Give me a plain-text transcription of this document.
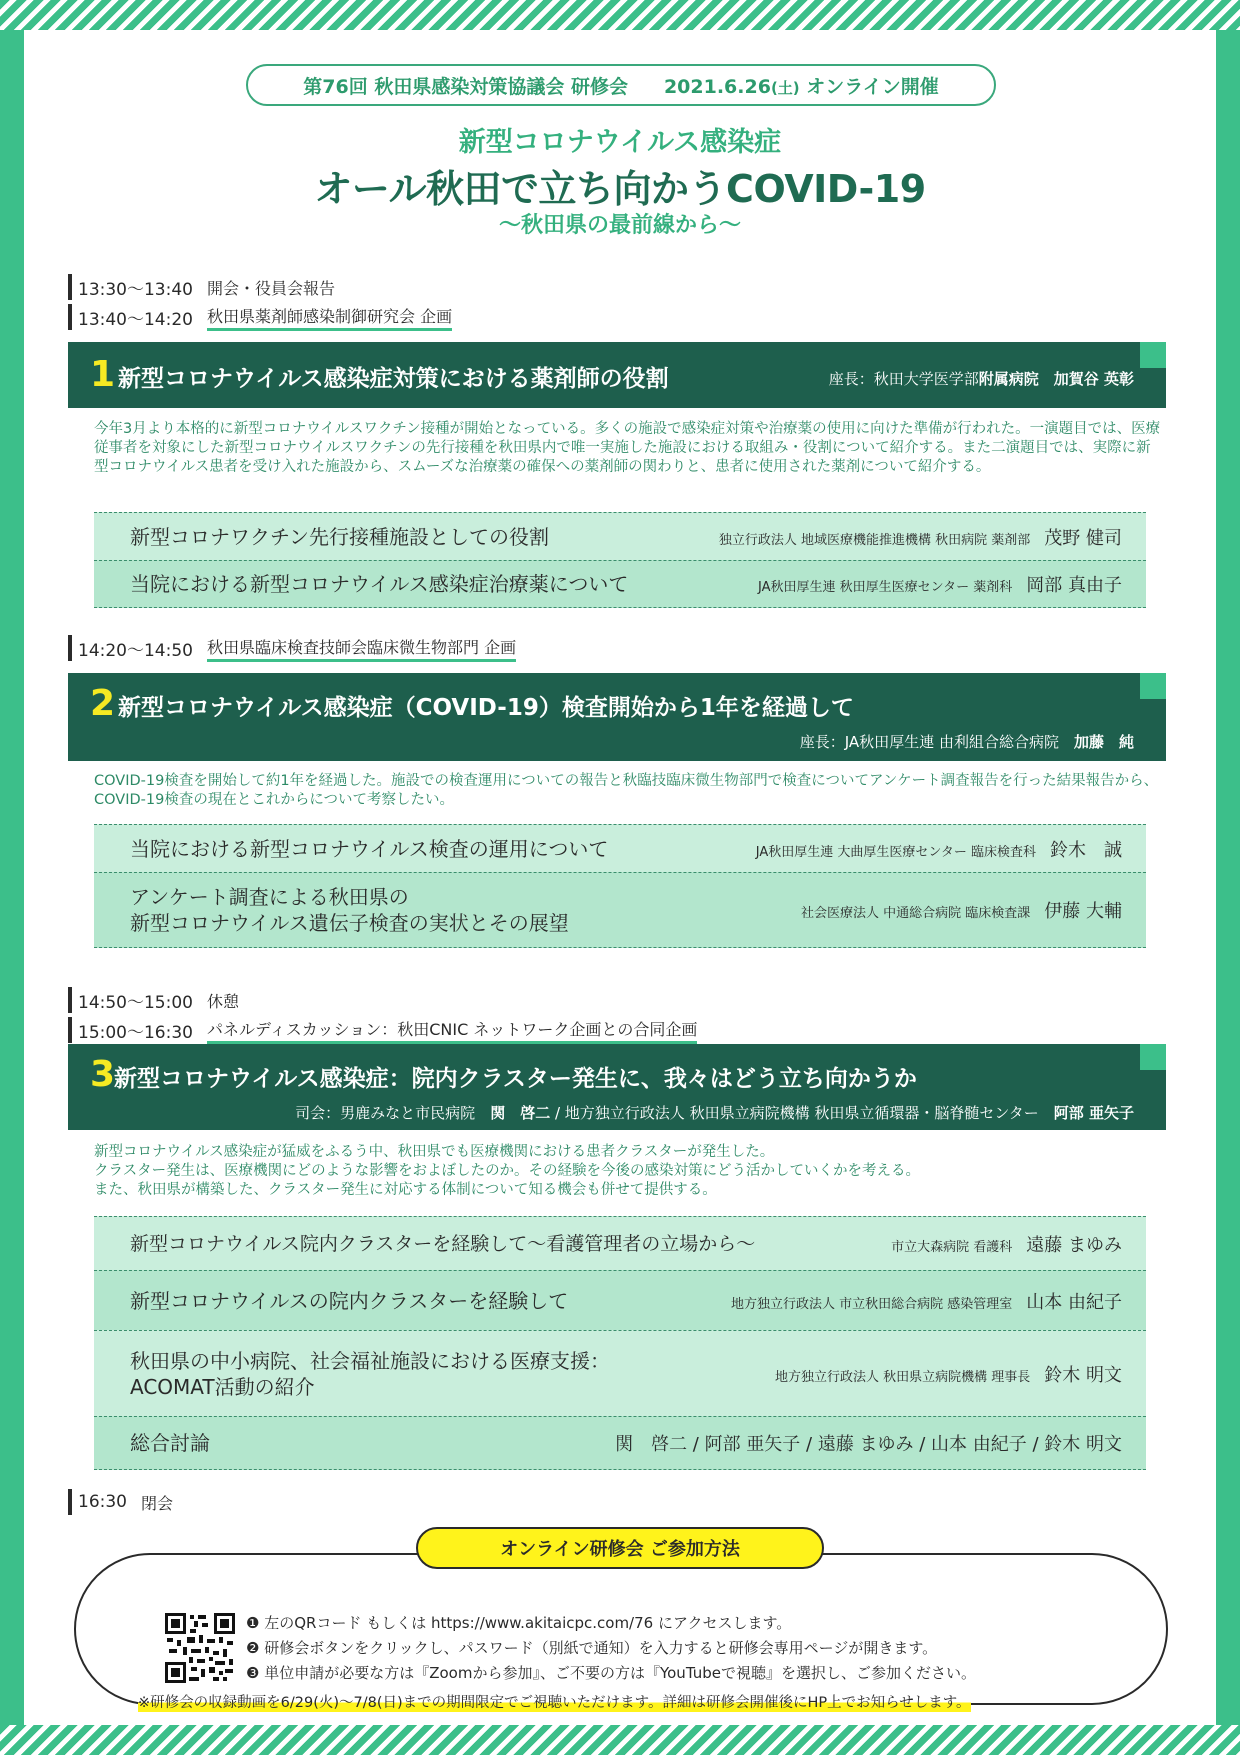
第76回 秋田県感染対策協議会 研修会 2021.6.26(土) オンライン開催
新型コロナウイルス感染症
オール秋田で立ち向かうCOVID-19
〜秋田県の最前線から〜
13:30〜13:40 開会・役員会報告
13:40〜14:20 秋田県薬剤師感染制御研究会 企画
1 新型コロナウイルス感染症対策における薬剤師の役割	座長：秋田大学医学部附属病院　 加賀谷 英彰
今年3月より本格的に新型コロナウイルスワクチン接種が開始となっている。多くの施設で感染症対策や治療薬の使用に向けた準備が行われた。一演題目では、医療従事者を対象にした新型コロナウイルスワクチンの先行接種を秋田県内で唯一実施した施設における取組み・役割について紹介する。また二演題目では、実際に新型コロナウイルス患者を受け入れた施設から、スムーズな治療薬の確保への薬剤師の関わりと、患者に使用された薬剤について紹介する。
新型コロナワクチン先行接種施設としての役割	独立行政法人 地域医療機能推進機構 秋田病院 薬剤部 茂野 健司
当院における新型コロナウイルス感染症治療薬について	JA秋田厚生連 秋田厚生医療センター 薬剤科 岡部 真由子
14:20〜14:50 秋田県臨床検査技師会臨床微生物部門 企画
2 新型コロナウイルス感染症（COVID-19）検査開始から1年を経過して
座長：JA秋田厚生連 由利組合総合病院　 加藤　純
COVID-19検査を開始して約1年を経過した。施設での検査運用についての報告と秋臨技臨床微生物部門で検査についてアンケート調査報告を行った結果報告から、COVID-19検査の現在とこれからについて考察したい。
当院における新型コロナウイルス検査の運用について	JA秋田厚生連 大曲厚生医療センター 臨床検査科 鈴木　誠
アンケート調査による秋田県の
新型コロナウイルス遺伝子検査の実状とその展望	社会医療法人 中通総合病院 臨床検査課 伊藤 大輔
14:50〜15:00 休憩
15:00〜16:30 パネルディスカッション：秋田CNIC ネットワーク企画との合同企画
3
新型コロナウイルス感染症：院内クラスター発生に、我々はどう立ち向かうか
司会：男鹿みなと市民病院　 関　啓二 / 地方独立行政法人 秋田県立病院機構 秋田県立循環器・脳脊髄センター　 阿部 亜矢子
新型コロナウイルス感染症が猛威をふるう中、秋田県でも医療機関における患者クラスターが発生した。
クラスター発生は、医療機関にどのような影響をおよぼしたのか。その経験を今後の感染対策にどう活かしていくかを考える。
また、秋田県が構築した、クラスター発生に対応する体制について知る機会も併せて提供する。
新型コロナウイルス院内クラスターを経験して〜看護管理者の立場から〜	市立大森病院 看護科 遠藤 まゆみ
新型コロナウイルスの院内クラスターを経験して	地方独立行政法人 市立秋田総合病院 感染管理室 山本 由紀子
秋田県の中小病院、社会福祉施設における医療支援：
ACOMAT活動の紹介	地方独立行政法人 秋田県立病院機構 理事長 鈴木 明文
総合討論	関　啓二 / 阿部 亜矢子 / 遠藤 まゆみ / 山本 由紀子 / 鈴木 明文
16:30 閉会
オンライン研修会 ご参加方法
❶ 左のQRコード もしくは https://www.akitaicpc.com/76 にアクセスします。
❷ 研修会ボタンをクリックし、パスワード（別紙で通知）を入力すると研修会専用ページが開きます。
❸ 単位申請が必要な方は『Zoomから参加』、ご不要の方は『YouTubeで視聴』を選択し、ご参加ください。
※研修会の収録動画を6/29(火)〜7/8(日)までの期間限定でご視聴いただけます。詳細は研修会開催後にHP上でお知らせします。
